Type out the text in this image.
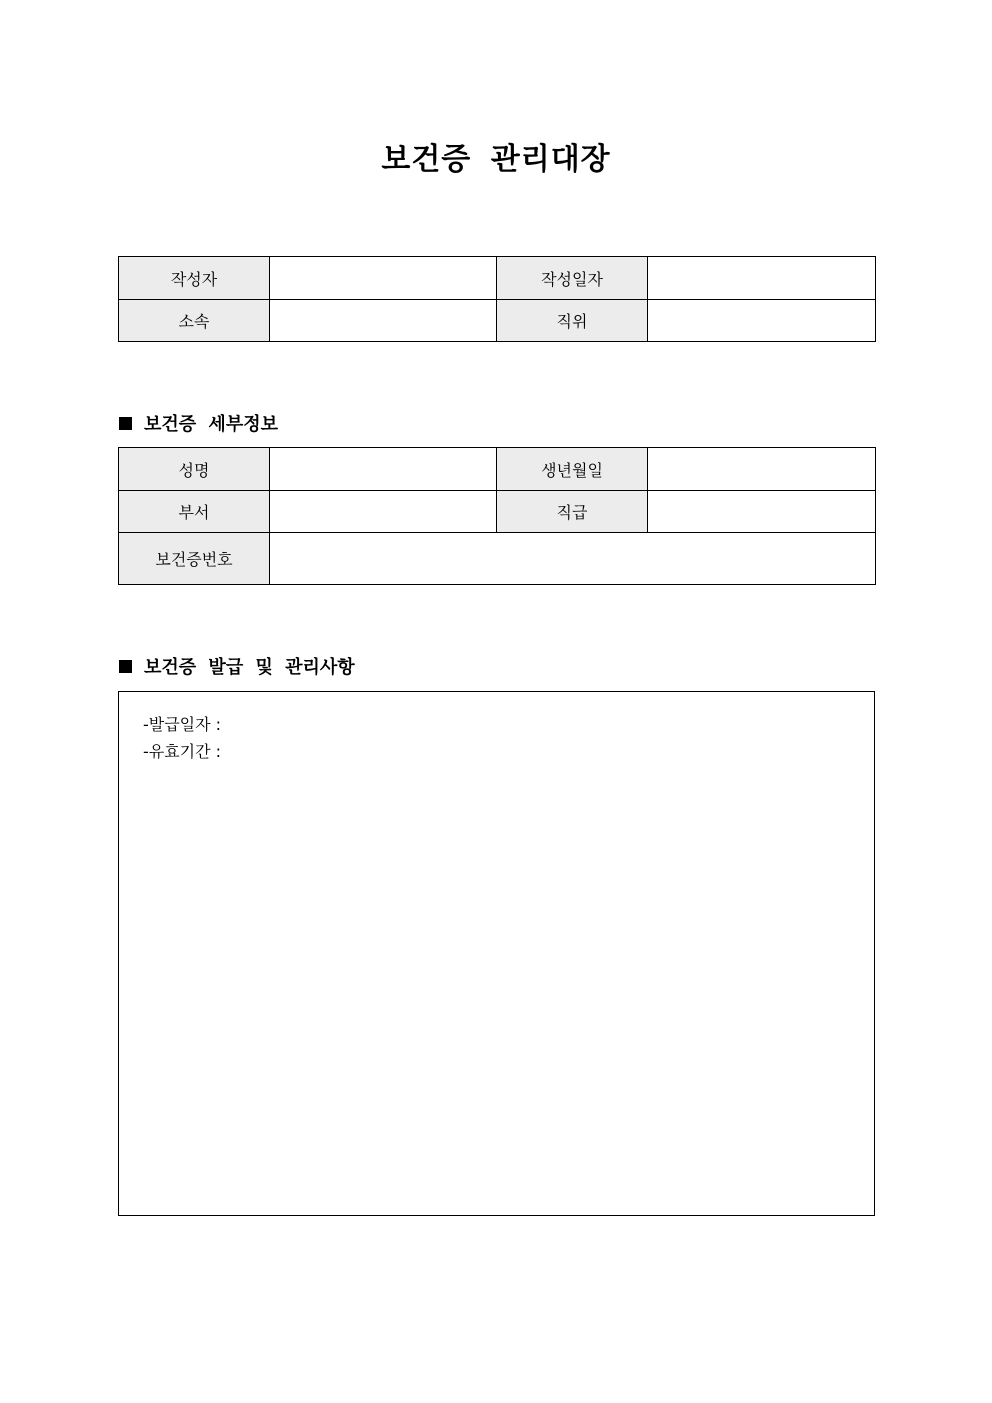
보건증 관리대장
작성자		작성일자	
소속		직위	
보건증 세부정보
성명		생년월일	
부서		직급	
보건증번호			
보건증 발급 및 관리사항
-발급일자 :
-유효기간 :
